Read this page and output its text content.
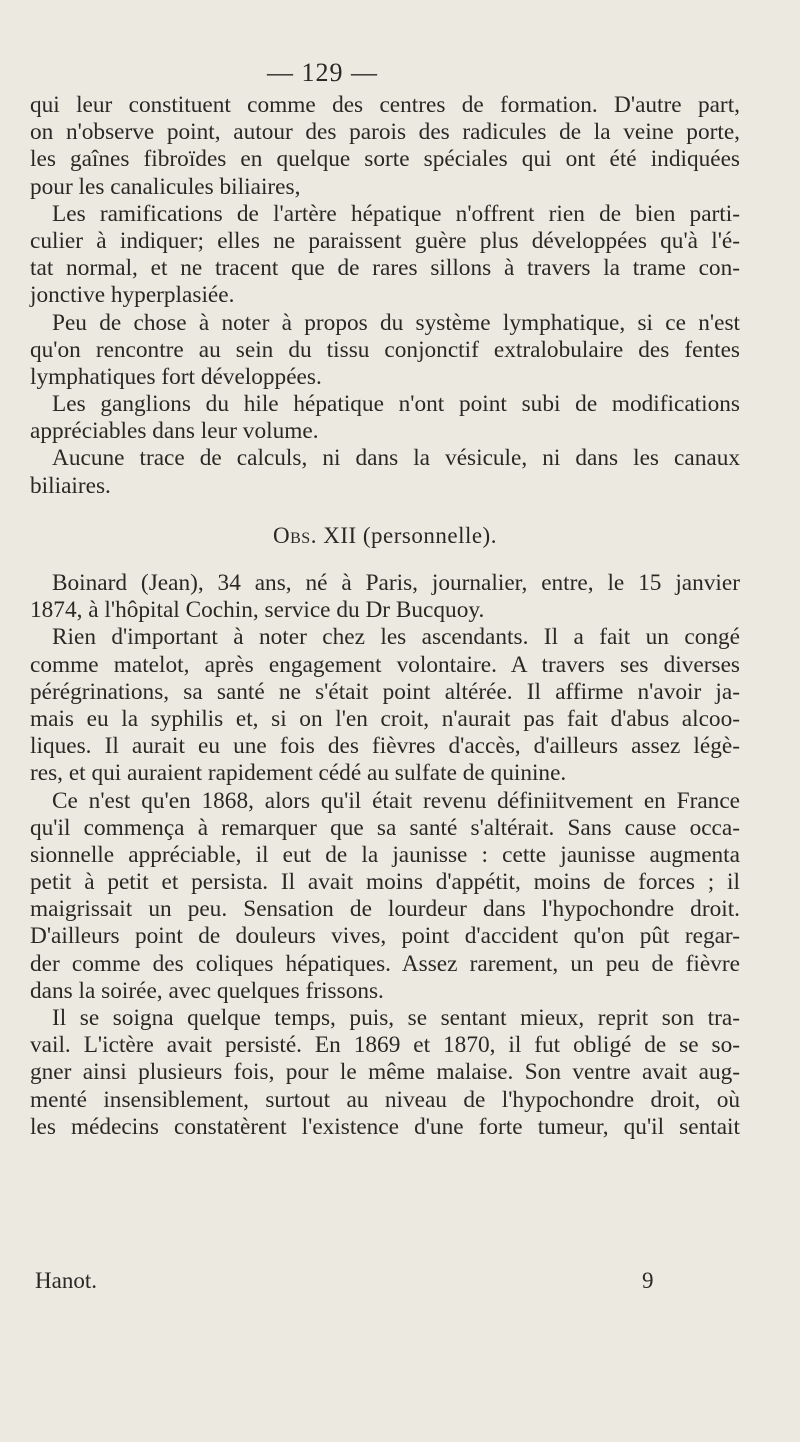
— 129 —
qui leur constituent comme des centres de formation. D'autre part,
on n'observe point, autour des parois des radicules de la veine porte,
les gaînes fibroïdes en quelque sorte spéciales qui ont été indiquées
pour les canalicules biliaires,
Les ramifications de l'artère hépatique n'offrent rien de bien parti-
culier à indiquer; elles ne paraissent guère plus développées qu'à l'é-
tat normal, et ne tracent que de rares sillons à travers la trame con-
jonctive hyperplasiée.
Peu de chose à noter à propos du système lymphatique, si ce n'est
qu'on rencontre au sein du tissu conjonctif extralobulaire des fentes
lymphatiques fort développées.
Les ganglions du hile hépatique n'ont point subi de modifications
appréciables dans leur volume.
Aucune trace de calculs, ni dans la vésicule, ni dans les canaux
biliaires.
Obs. XII (personnelle).
Boinard (Jean), 34 ans, né à Paris, journalier, entre, le 15 janvier
1874, à l'hôpital Cochin, service du Dr Bucquoy.
Rien d'important à noter chez les ascendants. Il a fait un congé
comme matelot, après engagement volontaire. A travers ses diverses
pérégrinations, sa santé ne s'était point altérée. Il affirme n'avoir ja-
mais eu la syphilis et, si on l'en croit, n'aurait pas fait d'abus alcoo-
liques. Il aurait eu une fois des fièvres d'accès, d'ailleurs assez légè-
res, et qui auraient rapidement cédé au sulfate de quinine.
Ce n'est qu'en 1868, alors qu'il était revenu définiitvement en France
qu'il commença à remarquer que sa santé s'altérait. Sans cause occa-
sionnelle appréciable, il eut de la jaunisse : cette jaunisse augmenta
petit à petit et persista. Il avait moins d'appétit, moins de forces ; il
maigrissait un peu. Sensation de lourdeur dans l'hypochondre droit.
D'ailleurs point de douleurs vives, point d'accident qu'on pût regar-
der comme des coliques hépatiques. Assez rarement, un peu de fièvre
dans la soirée, avec quelques frissons.
Il se soigna quelque temps, puis, se sentant mieux, reprit son tra-
vail. L'ictère avait persisté. En 1869 et 1870, il fut obligé de se so-
gner ainsi plusieurs fois, pour le même malaise. Son ventre avait aug-
menté insensiblement, surtout au niveau de l'hypochondre droit, où
les médecins constatèrent l'existence d'une forte tumeur, qu'il sentait
Hanot.	9
